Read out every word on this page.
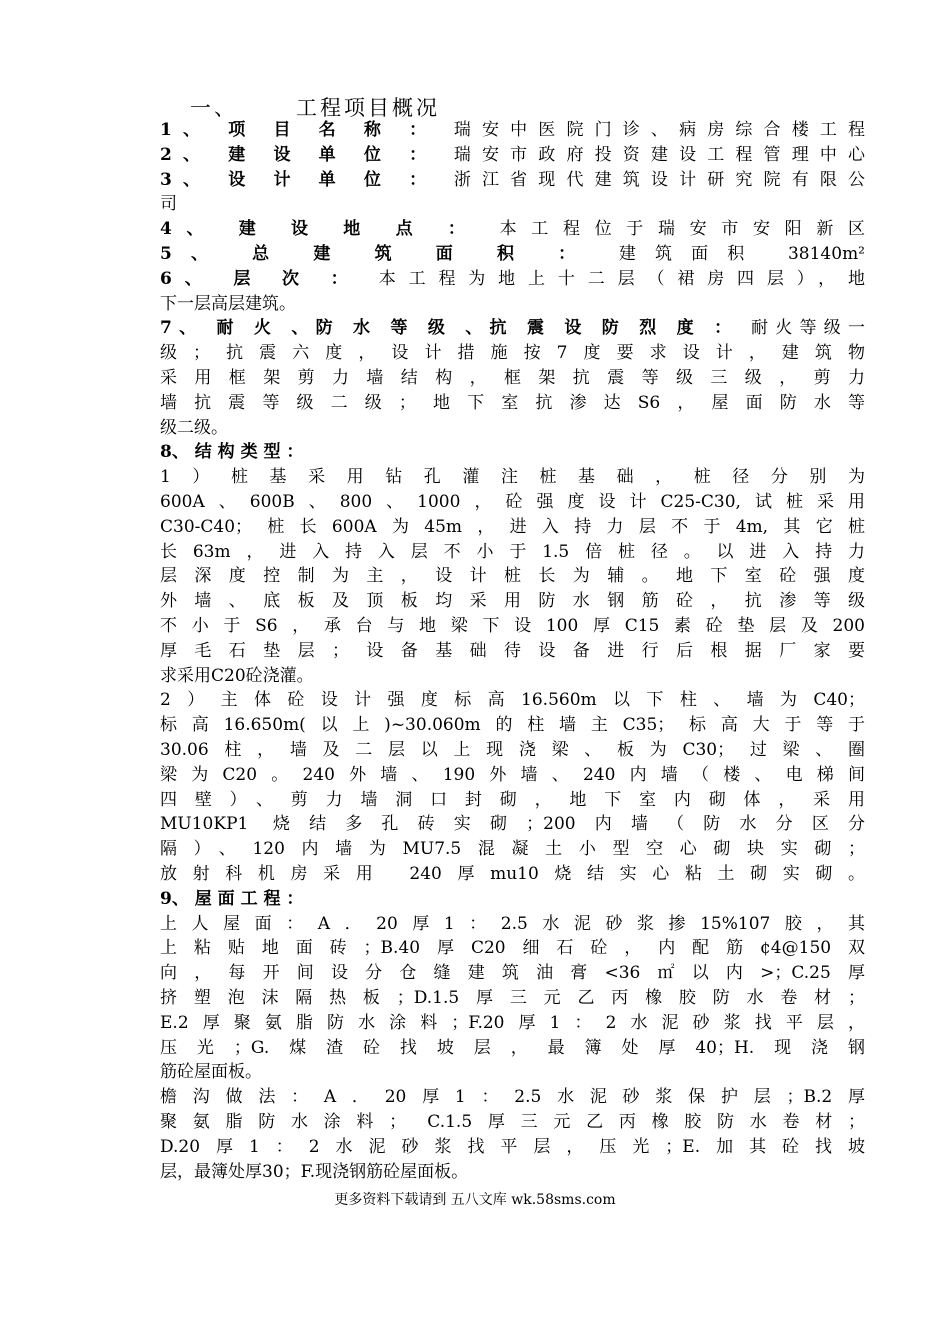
一、      工程项目概况
1、 项 目 名 称 ： 瑞安中医院门诊、病房综合楼工程
2、 建 设 单 位 ： 瑞安市政府投资建设工程管理中心
3、 设 计 单 位 ： 浙江省现代建筑设计研究院有限公
司
4、 建 设 地 点 ： 本工程位于瑞安市安阳新区
5、 总 建 筑 面 积 ： 建筑面积 38140m²
6、 层 次 ： 本工程为地上十二层（裙房四层），地
下一层高层建筑。
7、 耐 火 、防 水 等 级 、抗 震 设 防 烈 度 ： 耐火等级一
级；抗震六度，设计措施按7度要求设计，建筑物
采用框架剪力墙结构，框架抗震等级三级，剪力
墙抗震等级二级；地下室抗渗达S6，屋面防水等
级二级。
8、 结 构 类 型 ：
1）桩基采用钻孔灌注桩基础，桩径分别为
600A、600B、800、1000，砼强度设计C25-C30,试桩采用
C30-C40；桩长600A为45m，进入持力层不于4m,其它桩
长63m，进入持入层不小于1.5倍桩径。以进入持力
层深度控制为主，设计桩长为辅。地下室砼强度
外墙、底板及顶板均采用防水钢筋砼，抗渗等级
不小于S6，承台与地梁下设100厚C15素砼垫层及200
厚毛石垫层；设备基础待设备进行后根据厂家要
求采用C20砼浇灌。
2）主体砼设计强度标高16.560m以下柱、墙为C40；
标高16.650m(以上)~30.060m的柱墙主C35；标高大于等于
30.06柱，墙及二层以上现浇梁、板为C30；过梁、圈
梁为C20。240外墙、190外墙、240内墙（楼、电梯间
四壁）、剪力墙洞口封砌，地下室内砌体，采用
MU10KP1 烧结多孔砖实砌；200内墙（防水分区分
隔）、120内墙为MU7.5混凝土小型空心砌块实砌；
放射科机房采用 240厚mu10烧结实心粘土砌实砌。
9、 屋 面 工 程 ：
上人屋面：A．20厚1：2.5水泥砂浆掺15%107胶，其
上粘贴地面砖；B.40厚C20细石砼，内配筋¢4@150双
向，每开间设分仓缝建筑油膏<36㎡以内>；C.25厚
挤塑泡沫隔热板；D.1.5厚三元乙丙橡胶防水卷材；
E.2厚聚氨脂防水涂料；F.20厚1：2水泥砂浆找平层，
压光；G.煤渣砼找坡层，最簿处厚40；H.现浇钢
筋砼屋面板。
檐沟做法：A．20厚1：2.5水泥砂浆保护层；B.2厚
聚氨脂防水涂料； C.1.5厚三元乙丙橡胶防水卷材；
D.20厚1：2水泥砂浆找平层，压光；E.加其砼找坡
层，最簿处厚30；F.现浇钢筋砼屋面板。
更多资料下载请到 五八文库 wk.58sms.com
